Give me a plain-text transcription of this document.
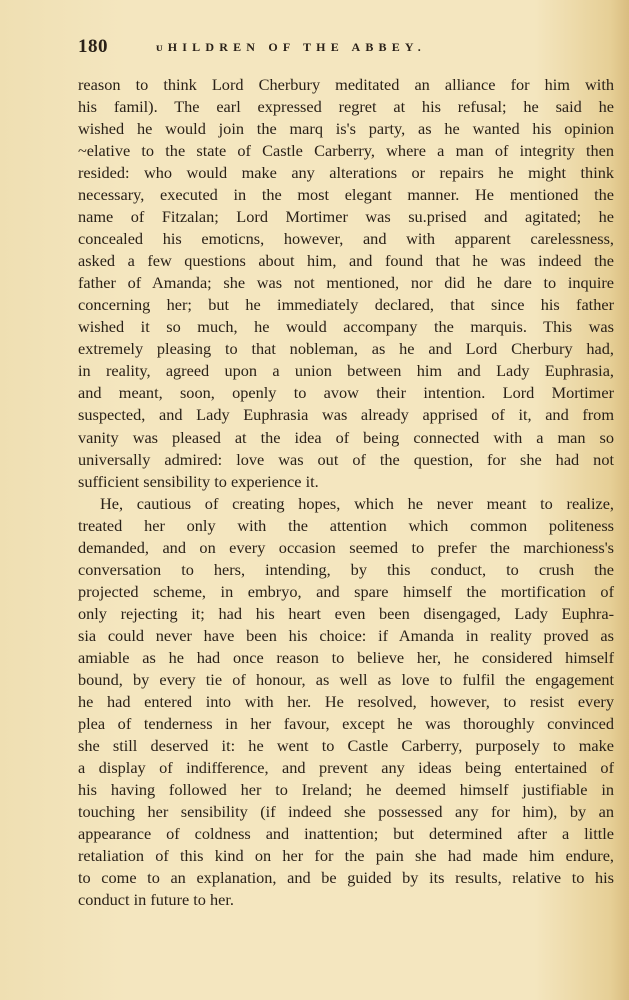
180	ᴜHILDREN OF THE ABBEY.
reason to think Lord Cherbury meditated an alliance for him with
his famil). The earl expressed regret at his refusal; he said he
wished he would join the marq is's party, as he wanted his opinion
~elative to the state of Castle Carberry, where a man of integrity then
resided: who would make any alterations or repairs he might think
necessary, executed in the most elegant manner. He mentioned the
name of Fitzalan; Lord Mortimer was su.prised and agitated; he
concealed his emoticns, however, and with apparent carelessness,
asked a few questions about him, and found that he was indeed the
father of Amanda; she was not mentioned, nor did he dare to inquire
concerning her; but he immediately declared, that since his father
wished it so much, he would accompany the marquis. This was
extremely pleasing to that nobleman, as he and Lord Cherbury had,
in reality, agreed upon a union between him and Lady Euphrasia,
and meant, soon, openly to avow their intention. Lord Mortimer
suspected, and Lady Euphrasia was already apprised of it, and from
vanity was pleased at the idea of being connected with a man so
universally admired: love was out of the question, for she had not
sufficient sensibility to experience it.
He, cautious of creating hopes, which he never meant to realize,
treated her only with the attention which common politeness
demanded, and on every occasion seemed to prefer the marchioness's
conversation to hers, intending, by this conduct, to crush the
projected scheme, in embryo, and spare himself the mortification of
only rejecting it; had his heart even been disengaged, Lady Euphra-
sia could never have been his choice: if Amanda in reality proved as
amiable as he had once reason to believe her, he considered himself
bound, by every tie of honour, as well as love to fulfil the engagement
he had entered into with her. He resolved, however, to resist every
plea of tenderness in her favour, except he was thoroughly convinced
she still deserved it: he went to Castle Carberry, purposely to make
a display of indifference, and prevent any ideas being entertained of
his having followed her to Ireland; he deemed himself justifiable in
touching her sensibility (if indeed she possessed any for him), by an
appearance of coldness and inattention; but determined after a little
retaliation of this kind on her for the pain she had made him endure,
to come to an explanation, and be guided by its results, relative to his
conduct in future to her.
